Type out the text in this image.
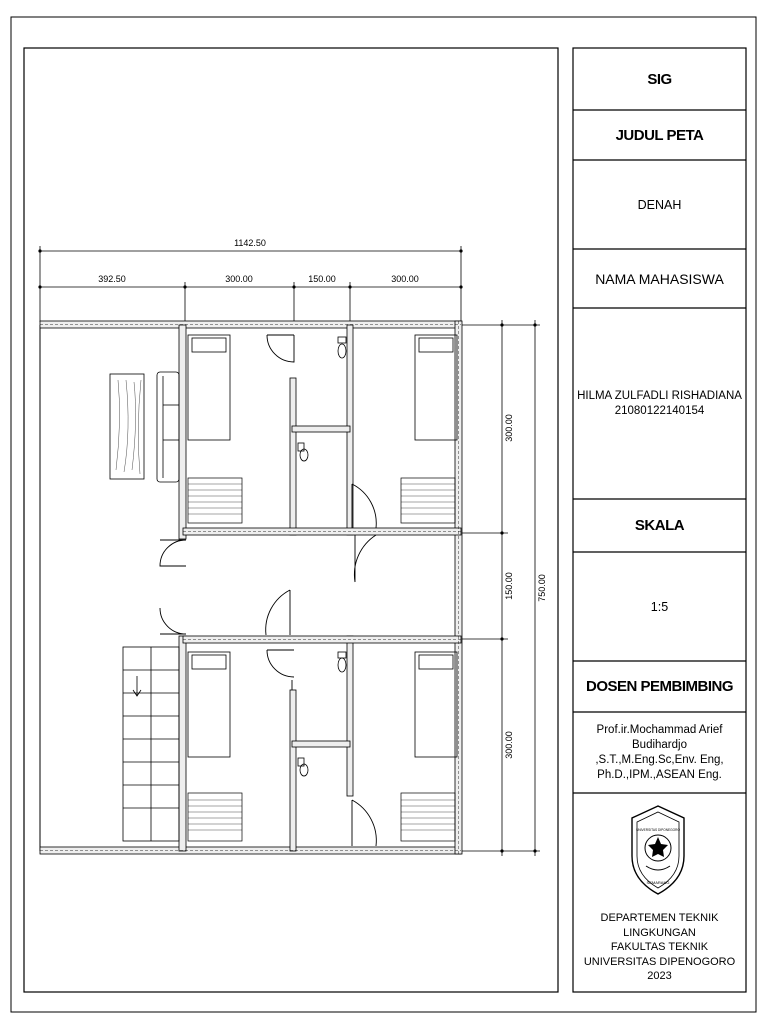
1142.50
392.50	300.00	150.00	300.00
300.00
150.00
300.00
750.00
SIG
JUDUL PETA
DENAH
NAMA MAHASISWA
HILMA ZULFADLI RISHADIANA
21080122140154
SKALA
1:5
DOSEN PEMBIMBING
Prof.ir.Mochammad Arief Budihardjo
,S.T.,M.Eng.Sc,Env. Eng,
Ph.D.,IPM.,ASEAN Eng.
SEMARANG
UNIVERSITAS DIPONEGORO
DEPARTEMEN TEKNIK LINGKUNGAN
FAKULTAS TEKNIK
UNIVERSITAS DIPENOGORO
2023
